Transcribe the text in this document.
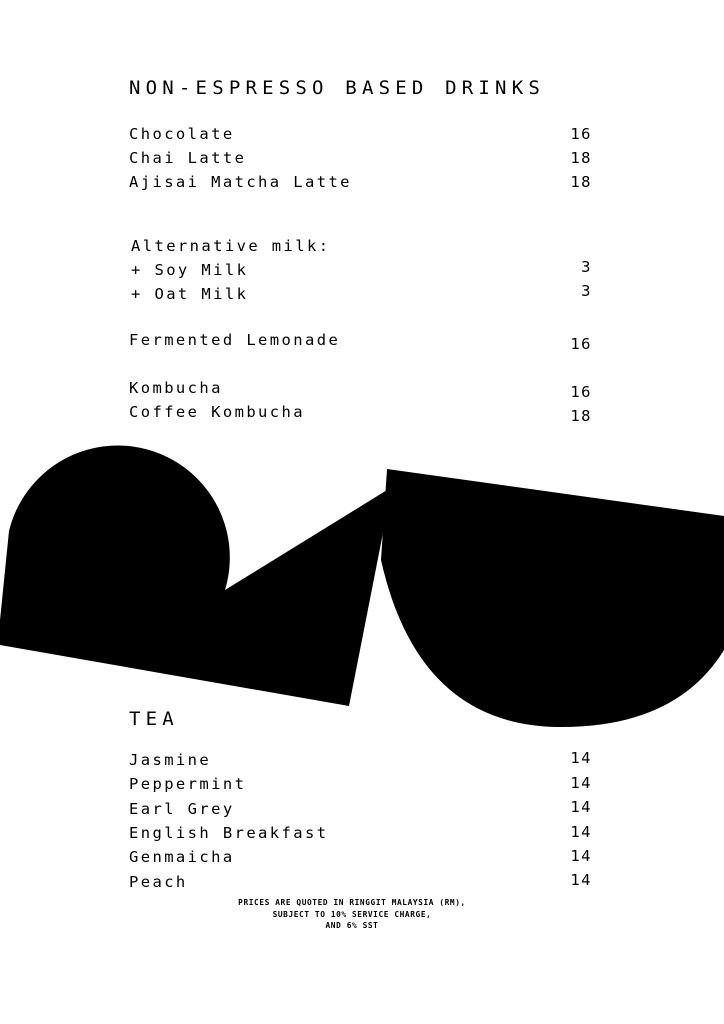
NON-ESPRESSO BASED DRINKS
Chocolate	16
Chai Latte	18
Ajisai Matcha Latte	18
Alternative milk:
+ Soy Milk	3
+ Oat Milk	3
Fermented Lemonade	16
Kombucha	16
Coffee Kombucha	18
TEA
Jasmine	14
Peppermint	14
Earl Grey	14
English Breakfast	14
Genmaicha	14
Peach	14
PRICES ARE QUOTED IN RINGGIT MALAYSIA (RM),
SUBJECT TO 10% SERVICE CHARGE,
AND 6% SST
